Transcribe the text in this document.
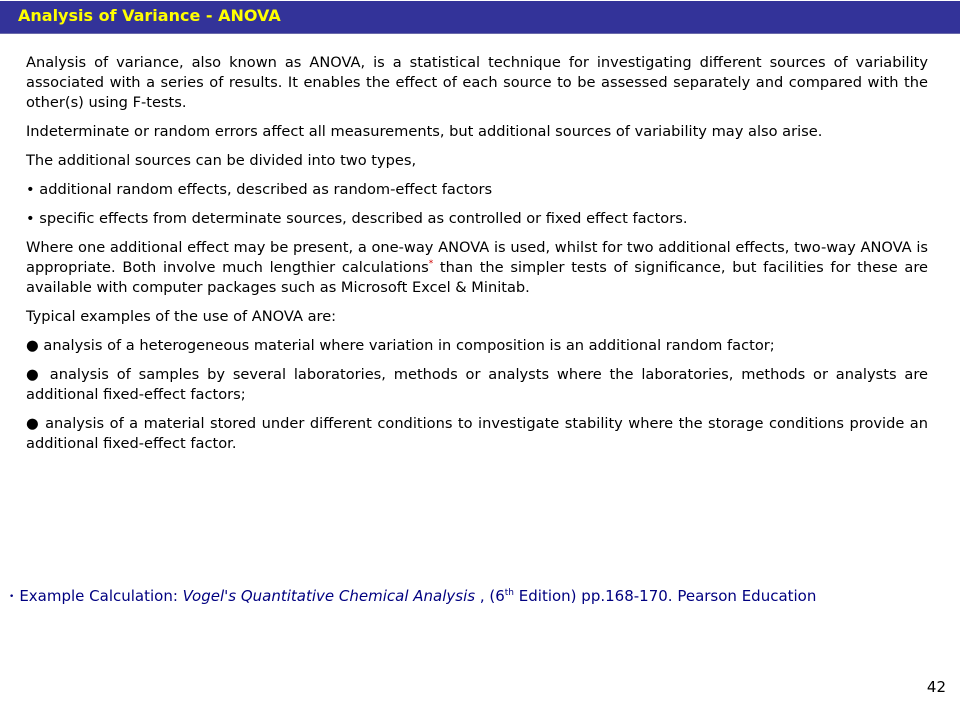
Analysis of Variance - ANOVA

Analysis of variance, also known as ANOVA, is a statistical technique for investigating different sources of variability associated with a series of results. It enables the effect of each source to be assessed separately and compared with the other(s) using F-tests.

Indeterminate or random errors affect all measurements, but additional sources of variability may also arise.

The additional sources can be divided into two types,

• additional random effects, described as random-effect factors

• specific effects from determinate sources, described as controlled or fixed effect factors.

Where one additional effect may be present, a one-way ANOVA is used, whilst for two additional effects, two-way ANOVA is appropriate. Both involve much lengthier calculations* than the simpler tests of significance, but facilities for these are available with computer packages such as Microsoft Excel & Minitab.

Typical examples of the use of ANOVA are:

● analysis of a heterogeneous material where variation in composition is an additional random factor;

● analysis of samples by several laboratories, methods or analysts where the laboratories, methods or analysts are additional fixed-effect factors;

● analysis of a material stored under different conditions to investigate stability where the storage conditions provide an additional fixed-effect factor.

• Example Calculation: Vogel's Quantitative Chemical Analysis , (6th Edition) pp.168-170. Pearson Education
42
